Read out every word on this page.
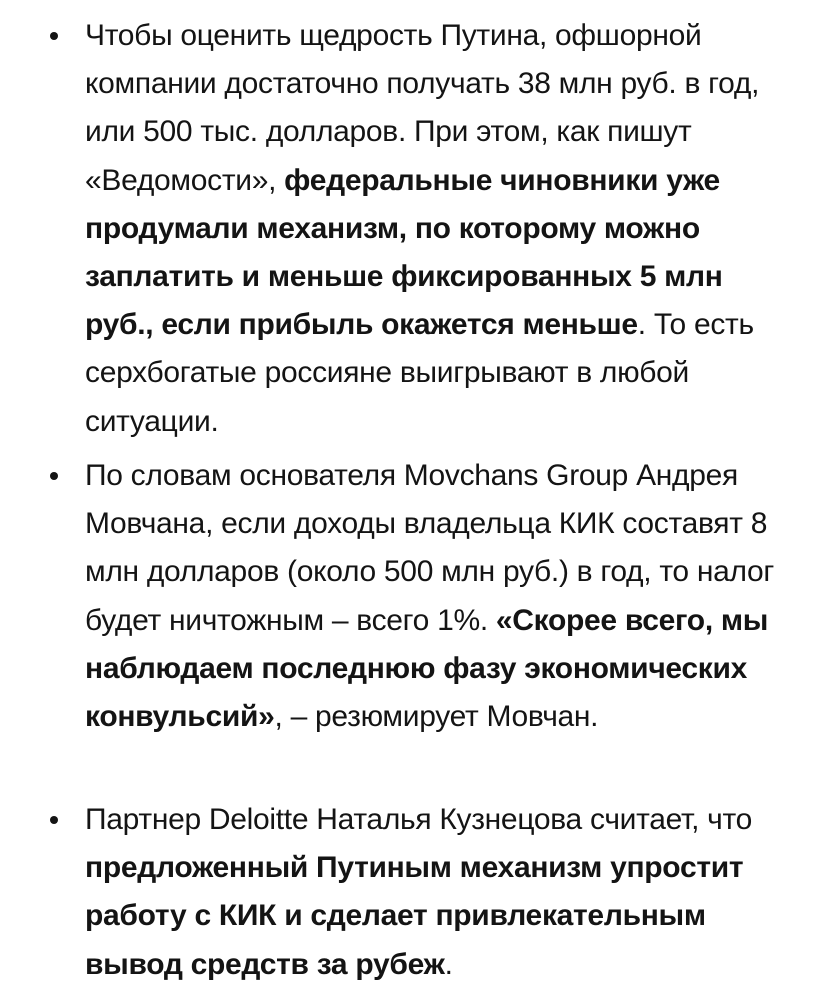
Чтобы оценить щедрость Путина, офшорной компании достаточно получать 38 млн руб. в год, или 500 тыс. долларов. При этом, как пишут «Ведомости», федеральные чиновники уже продумали механизм, по которому можно заплатить и меньше фиксированных 5 млн руб., если прибыль окажется меньше. То есть серхбогатые россияне выигрывают в любой ситуации.
По словам основателя Movchans Group Андрея Мовчана, если доходы владельца КИК составят 8 млн долларов (около 500 млн руб.) в год, то налог будет ничтожным – всего 1%. «Скорее всего, мы наблюдаем последнюю фазу экономических конвульсий», – резюмирует Мовчан.
Партнер Deloitte Наталья Кузнецова считает, что предложенный Путиным механизм упростит работу с КИК и сделает привлекательным вывод средств за рубеж.
